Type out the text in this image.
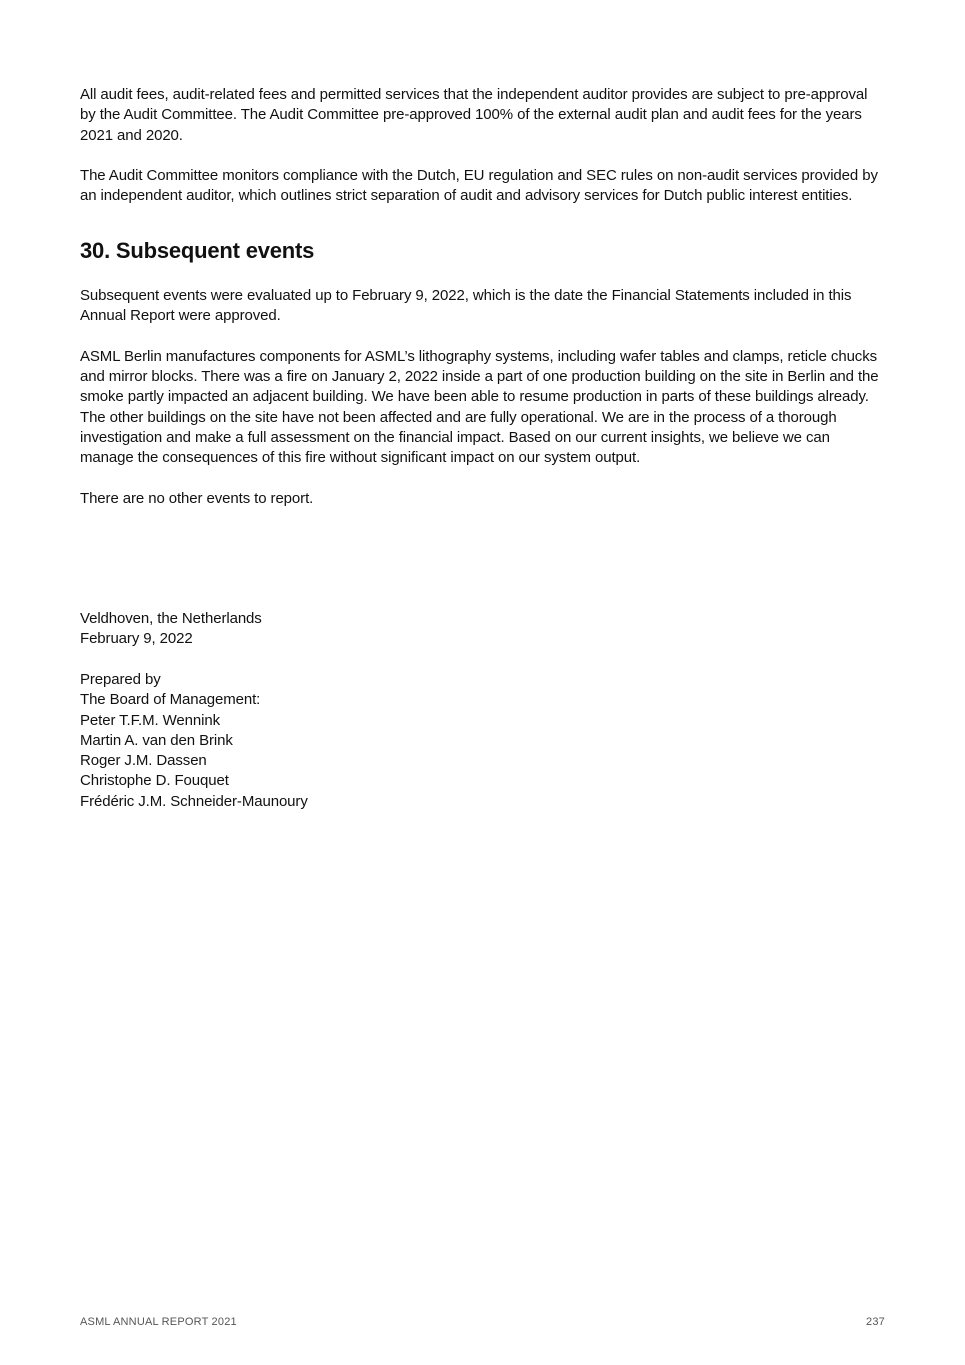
All audit fees, audit-related fees and permitted services that the independent auditor provides are subject to pre-approval by the Audit Committee. The Audit Committee pre-approved 100% of the external audit plan and audit fees for the years 2021 and 2020.

The Audit Committee monitors compliance with the Dutch, EU regulation and SEC rules on non-audit services provided by an independent auditor, which outlines strict separation of audit and advisory services for Dutch public interest entities.

30. Subsequent events

Subsequent events were evaluated up to February 9, 2022, which is the date the Financial Statements included in this Annual Report were approved.

ASML Berlin manufactures components for ASML’s lithography systems, including wafer tables and clamps, reticle chucks and mirror blocks. There was a fire on January 2, 2022 inside a part of one production building on the site in Berlin and the smoke partly impacted an adjacent building. We have been able to resume production in parts of these buildings already. The other buildings on the site have not been affected and are fully operational. We are in the process of a thorough investigation and make a full assessment on the financial impact. Based on our current insights, we believe we can manage the consequences of this fire without significant impact on our system output.

There are no other events to report.

Veldhoven, the Netherlands
February 9, 2022
Prepared by
The Board of Management:
Peter T.F.M. Wennink
Martin A. van den Brink
Roger J.M. Dassen
Christophe D. Fouquet
Frédéric J.M. Schneider-Maunoury
ASML ANNUAL REPORT 2021	237
